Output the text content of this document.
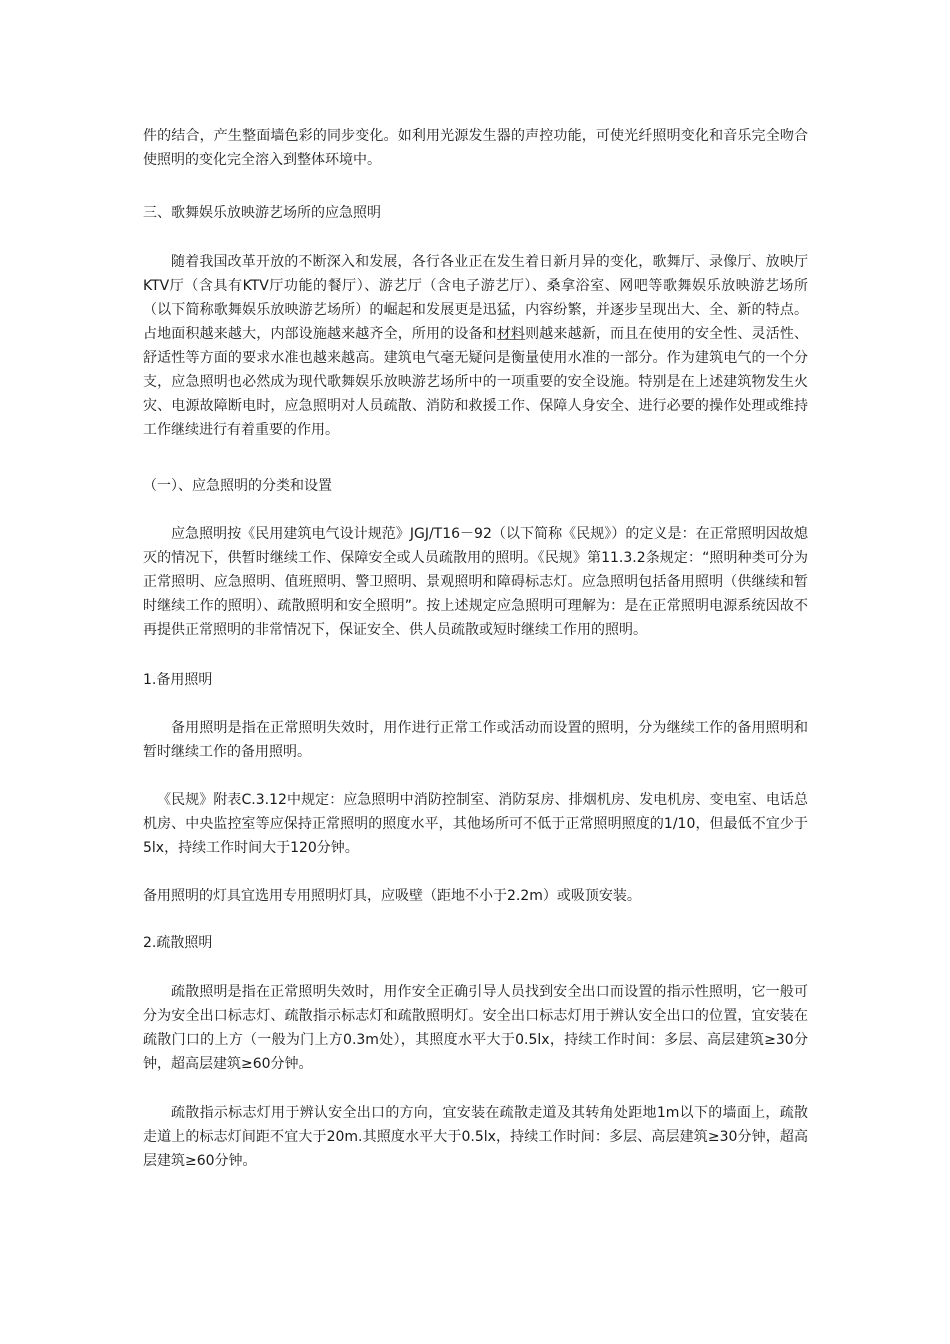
件的结合，产生整面墙色彩的同步变化。如利用光源发生器的声控功能，可使光纤照明变化和音乐完全吻合使照明的变化完全溶入到整体环境中。

三、歌舞娱乐放映游艺场所的应急照明

随着我国改革开放的不断深入和发展，各行各业正在发生着日新月异的变化，歌舞厅、录像厅、放映厅KTV厅（含具有KTV厅功能的餐厅）、游艺厅（含电子游艺厅）、桑拿浴室、网吧等歌舞娱乐放映游艺场所（以下简称歌舞娱乐放映游艺场所）的崛起和发展更是迅猛，内容纷繁，并逐步呈现出大、全、新的特点。占地面积越来越大，内部设施越来越齐全，所用的设备和材料则越来越新，而且在使用的安全性、灵活性、舒适性等方面的要求水准也越来越高。建筑电气毫无疑问是衡量使用水准的一部分。作为建筑电气的一个分支，应急照明也必然成为现代歌舞娱乐放映游艺场所中的一项重要的安全设施。特别是在上述建筑物发生火灾、电源故障断电时，应急照明对人员疏散、消防和救援工作、保障人身安全、进行必要的操作处理或维持工作继续进行有着重要的作用。

（一）、应急照明的分类和设置

应急照明按《民用建筑电气设计规范》JGJ/T16－92（以下简称《民规》）的定义是：在正常照明因故熄灭的情况下，供暂时继续工作、保障安全或人员疏散用的照明。《民规》第11.3.2条规定：“照明种类可分为正常照明、应急照明、值班照明、警卫照明、景观照明和障碍标志灯。应急照明包括备用照明（供继续和暂时继续工作的照明）、疏散照明和安全照明”。按上述规定应急照明可理解为：是在正常照明电源系统因故不再提供正常照明的非常情况下，保证安全、供人员疏散或短时继续工作用的照明。

1.备用照明

备用照明是指在正常照明失效时，用作进行正常工作或活动而设置的照明，分为继续工作的备用照明和暂时继续工作的备用照明。

《民规》附表C.3.12中规定：应急照明中消防控制室、消防泵房、排烟机房、发电机房、变电室、电话总机房、中央监控室等应保持正常照明的照度水平，其他场所可不低于正常照明照度的1/10，但最低不宜少于5lx，持续工作时间大于120分钟。

备用照明的灯具宜选用专用照明灯具，应吸壁（距地不小于2.2m）或吸顶安装。

2.疏散照明

疏散照明是指在正常照明失效时，用作安全正确引导人员找到安全出口而设置的指示性照明，它一般可分为安全出口标志灯、疏散指示标志灯和疏散照明灯。安全出口标志灯用于辨认安全出口的位置，宜安装在疏散门口的上方（一般为门上方0.3m处），其照度水平大于0.5lx，持续工作时间：多层、高层建筑≥30分钟，超高层建筑≥60分钟。

疏散指示标志灯用于辨认安全出口的方向，宜安装在疏散走道及其转角处距地1m以下的墙面上，疏散走道上的标志灯间距不宜大于20m.其照度水平大于0.5lx，持续工作时间：多层、高层建筑≥30分钟，超高层建筑≥60分钟。
